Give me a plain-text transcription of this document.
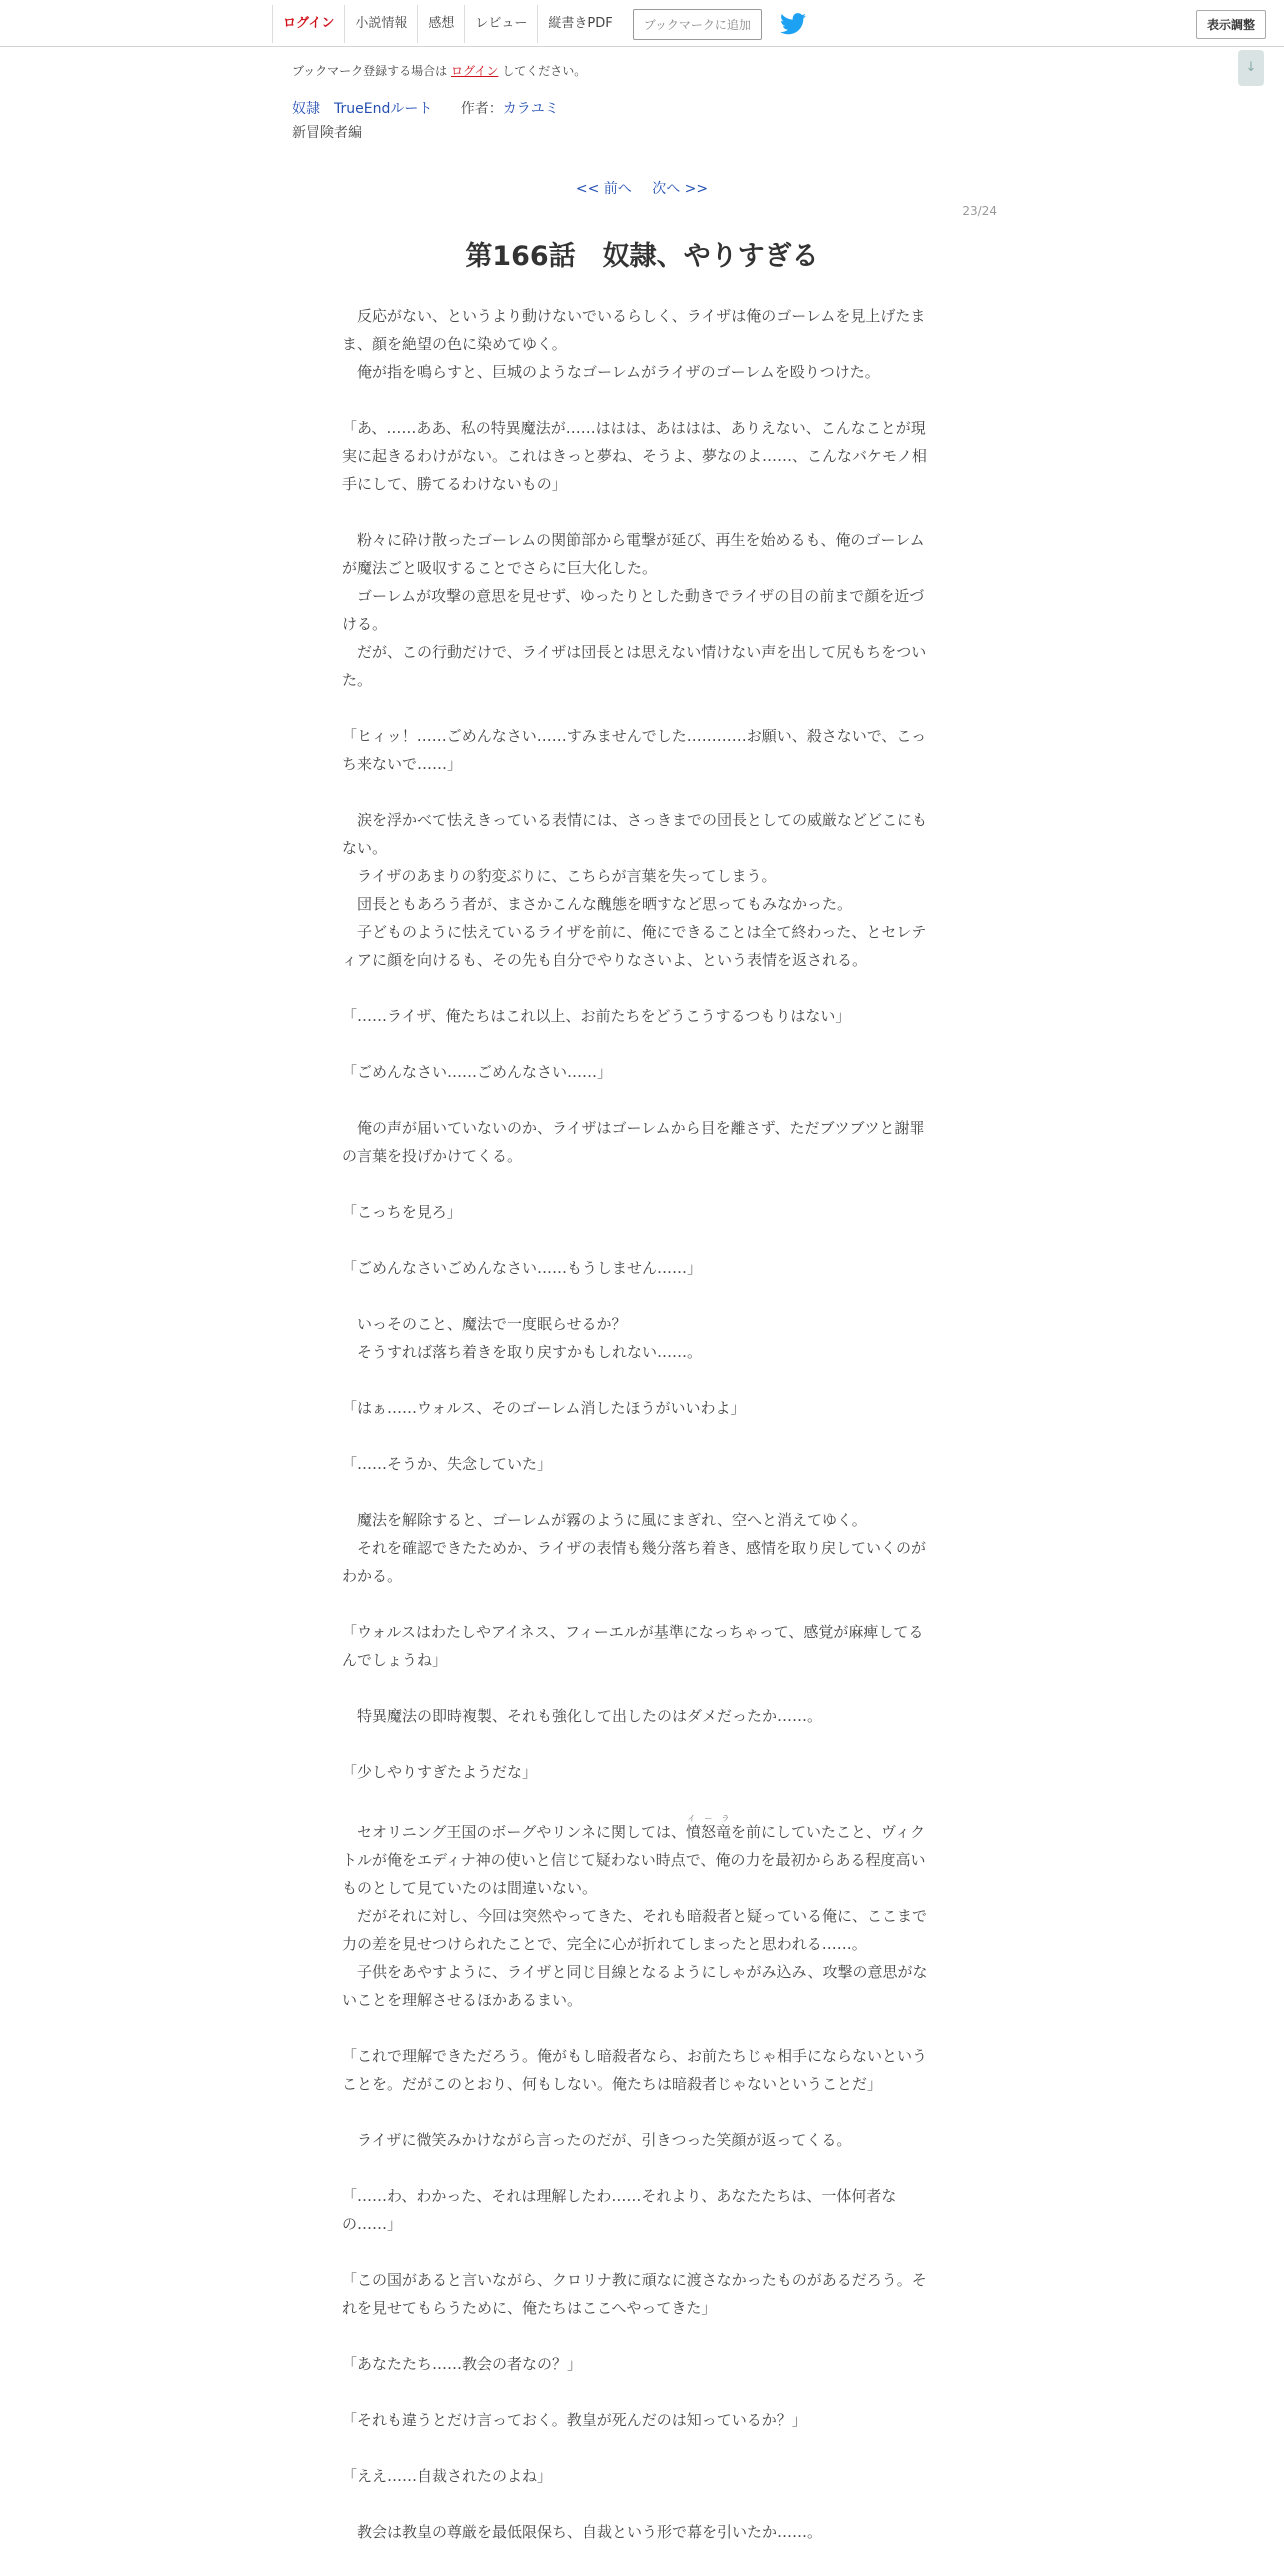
ログイン	小説情報	感想	レビュー	縦書きPDF	ブックマークに追加	表示調整
↓
ブックマーク登録する場合は ログイン してください。
奴隷　TrueEndルート 作者：カラユミ
新冒険者編
<< 前へ 次へ >>
23/24
第166話　奴隷、やりすぎる

　反応がない、というより動けないでいるらしく、ライザは俺のゴーレムを見上げたまま、顔を絶望の色に染めてゆく。

　俺が指を鳴らすと、巨城のようなゴーレムがライザのゴーレムを殴りつけた。

「あ、……ああ、私の特異魔法が……ははは、あははは、ありえない、こんなことが現実に起きるわけがない。これはきっと夢ね、そうよ、夢なのよ……、こんなバケモノ相手にして、勝てるわけないもの」

　粉々に砕け散ったゴーレムの関節部から電撃が延び、再生を始めるも、俺のゴーレムが魔法ごと吸収することでさらに巨大化した。

　ゴーレムが攻撃の意思を見せず、ゆったりとした動きでライザの目の前まで顔を近づける。

　だが、この行動だけで、ライザは団長とは思えない情けない声を出して尻もちをついた。

「ヒィッ！……ごめんなさい……すみませんでした…………お願い、殺さないで、こっち来ないで……」

　涙を浮かべて怯えきっている表情には、さっきまでの団長としての威厳などどこにもない。

　ライザのあまりの豹変ぶりに、こちらが言葉を失ってしまう。

　団長ともあろう者が、まさかこんな醜態を晒すなど思ってもみなかった。

　子どものように怯えているライザを前に、俺にできることは全て終わった、とセレティアに顔を向けるも、その先も自分でやりなさいよ、という表情を返される。

「……ライザ、俺たちはこれ以上、お前たちをどうこうするつもりはない」

「ごめんなさい……ごめんなさい……」

　俺の声が届いていないのか、ライザはゴーレムから目を離さず、ただブツブツと謝罪の言葉を投げかけてくる。

「こっちを見ろ」

「ごめんなさいごめんなさい……もうしません……」

　いっそのこと、魔法で一度眠らせるか？

　そうすれば落ち着きを取り戻すかもしれない……。

「はぁ……ウォルス、そのゴーレム消したほうがいいわよ」

「……そうか、失念していた」

　魔法を解除すると、ゴーレムが霧のように風にまぎれ、空へと消えてゆく。

　それを確認できたためか、ライザの表情も幾分落ち着き、感情を取り戻していくのがわかる。

「ウォルスはわたしやアイネス、フィーエルが基準になっちゃって、感覚が麻痺してるんでしょうね」

　特異魔法の即時複製、それも強化して出したのはダメだったか……。

「少しやりすぎたようだな」

　セオリニング王国のボーグやリンネに関しては、憤怒竜イ ー ラを前にしていたこと、ヴィクトルが俺をエディナ神の使いと信じて疑わない時点で、俺の力を最初からある程度高いものとして見ていたのは間違いない。

　だがそれに対し、今回は突然やってきた、それも暗殺者と疑っている俺に、ここまで力の差を見せつけられたことで、完全に心が折れてしまったと思われる……。

　子供をあやすように、ライザと同じ目線となるようにしゃがみ込み、攻撃の意思がないことを理解させるほかあるまい。

「これで理解できただろう。俺がもし暗殺者なら、お前たちじゃ相手にならないということを。だがこのとおり、何もしない。俺たちは暗殺者じゃないということだ」

　ライザに微笑みかけながら言ったのだが、引きつった笑顔が返ってくる。

「……わ、わかった、それは理解したわ……それより、あなたたちは、一体何者なの……」

「この国があると言いながら、クロリナ教に頑なに渡さなかったものがあるだろう。それを見せてもらうために、俺たちはここへやってきた」

「あなたたち……教会の者なの？」

「それも違うとだけ言っておく。教皇が死んだのは知っているか？」

「ええ……自裁されたのよね」

　教会は教皇の尊厳を最低限保ち、自裁という形で幕を引いたか……。
